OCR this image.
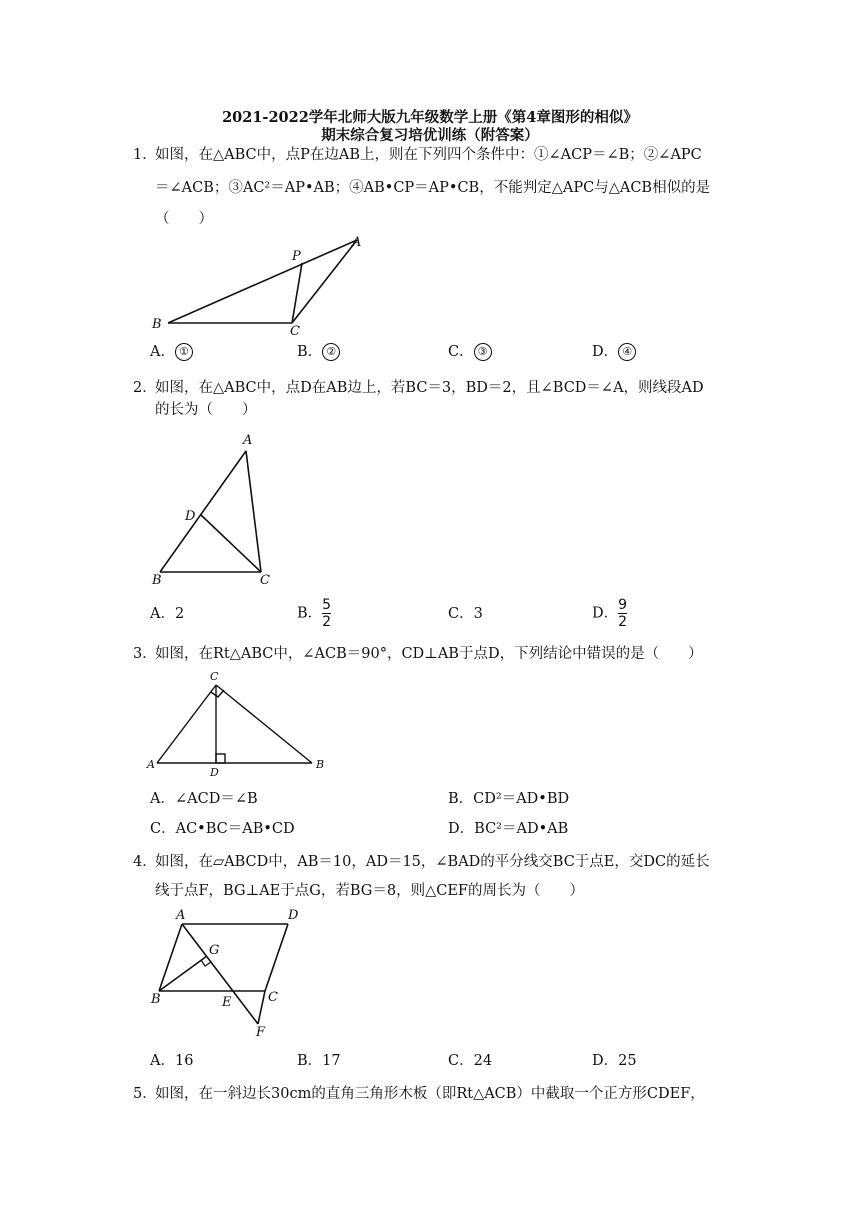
2021-2022学年北师大版九年级数学上册《第4章图形的相似》
期末综合复习培优训练（附答案）
1．
如图，在△ABC中，点P在边AB上，则在下列四个条件中：①∠ACP＝∠B；②∠APC
＝∠ACB；③AC²＝AP•AB；④AB•CP＝AP•CB，不能判定△APC与△ACB相似的是
（　　）
A
P
B	C
A． ①	B． ②	C． ③	D． ④
2．
如图，在△ABC中，点D在AB边上，若BC＝3，BD＝2，且∠BCD＝∠A，则线段AD
的长为（　　）
A
D
B	C
A．2	B． $\frac{5}{2}$	C．3	D． $\frac{9}{2}$
3．
如图，在Rt△ABC中，∠ACB＝90°，CD⊥AB于点D，下列结论中错误的是（　　）
C
A
D
B
A．∠ACD＝∠B	B．CD²＝AD•BD
C．AC•BC＝AB•CD	D．BC²＝AD•AB
4．
如图，在▱ABCD中，AB＝10，AD＝15，∠BAD的平分线交BC于点E，交DC的延长
线于点F，BG⊥AE于点G，若BG＝8，则△CEF的周长为（　　）
A	D
G
B	E	C
F
A．16	B．17	C．24	D．25
5．
如图，在一斜边长30cm的直角三角形木板（即Rt△ACB）中截取一个正方形CDEF，
